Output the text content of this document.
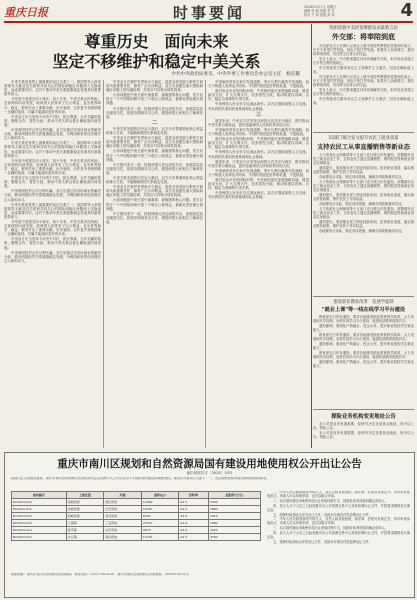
重庆日报	时事要闻	2018年4月1日 星期日
编辑 张 帆 美编 李 东
校对 王 鸣 组版 刘 青	4
尊重历史　面向未来
坚定不移维护和稳定中美关系
中共中央政治局委员、中央外事工作委员会办公室主任　杨洁篪

中美关系是世界上最重要的双边关系之一。我国领导人和美国领导人就双边关系和共同关心的国际和地区问题深入交换意见，达成重要共识。这对于推动中美关系健康稳定发展具有重要指导意义。

今年是中美建交四十周年。四十年来，中美关系历经风雨，总体保持向前发展，给两国人民带来了巨大利益，也为世界和平、稳定、繁荣作出了重要贡献。历史表明，合作是中美两国唯一正确的选择，共赢才能通向更好的未来。

中美双方应当坚持不冲突不对抗、相互尊重、合作共赢的原则，聚焦合作，管控分歧，推动中美关系沿着正确轨道向前发展。

中美两国经贸合作互利共赢。双方应通过对话协商妥善解决分歧，推动两国经贸关系健康稳定发展，为两国和世界经济增长注入新的动力。

中美关系是世界上最重要的双边关系之一。我国领导人和美国领导人就双边关系和共同关心的国际和地区问题深入交换意见，达成重要共识。这对于推动中美关系健康稳定发展具有重要指导意义。

今年是中美建交四十周年。四十年来，中美关系历经风雨，总体保持向前发展，给两国人民带来了巨大利益，也为世界和平、稳定、繁荣作出了重要贡献。历史表明，合作是中美两国唯一正确的选择，共赢才能通向更好的未来。

中美双方应当坚持不冲突不对抗、相互尊重、合作共赢的原则，聚焦合作，管控分歧，推动中美关系沿着正确轨道向前发展。

中美两国经贸合作互利共赢。双方应通过对话协商妥善解决分歧，推动两国经贸关系健康稳定发展，为两国和世界经济增长注入新的动力。

中美关系是世界上最重要的双边关系之一。我国领导人和美国领导人就双边关系和共同关心的国际和地区问题深入交换意见，达成重要共识。这对于推动中美关系健康稳定发展具有重要指导意义。

今年是中美建交四十周年。四十年来，中美关系历经风雨，总体保持向前发展，给两国人民带来了巨大利益，也为世界和平、稳定、繁荣作出了重要贡献。历史表明，合作是中美两国唯一正确的选择，共赢才能通向更好的未来。

中美双方应当坚持不冲突不对抗、相互尊重、合作共赢的原则，聚焦合作，管控分歧，推动中美关系沿着正确轨道向前发展。

中美两国经贸合作互利共赢。双方应通过对话协商妥善解决分歧，推动两国经贸关系健康稳定发展，为两国和世界经济增长注入新的动力。

中美双方在维护世界和平与稳定、促进全球发展与繁荣方面肩负着重要责任，拥有广泛共同利益。双方应加强在重大国际和地区问题上的沟通协调，共同应对各种全球性挑战。

台湾问题是中美关系中最重要、最敏感的核心问题。美方应恪守一个中国原则和中美三个联合公报规定，慎重妥善处理台湾问题。

中方愿同美方一道，按照两国元首达成的共识，加强高层及各级别交往，拓展各领域务实合作，增进两国人民相互了解和友谊。

二

中美关系发展的历史启示我们，双方只有尊重彼此核心利益和重大关切，才能确保两国关系稳定发展。

中美双方在维护世界和平与稳定、促进全球发展与繁荣方面肩负着重要责任，拥有广泛共同利益。双方应加强在重大国际和地区问题上的沟通协调，共同应对各种全球性挑战。

台湾问题是中美关系中最重要、最敏感的核心问题。美方应恪守一个中国原则和中美三个联合公报规定，慎重妥善处理台湾问题。

中方愿同美方一道，按照两国元首达成的共识，加强高层及各级别交往，拓展各领域务实合作，增进两国人民相互了解和友谊。

中美关系发展的历史启示我们，双方只有尊重彼此核心利益和重大关切，才能确保两国关系稳定发展。

中美双方在维护世界和平与稳定、促进全球发展与繁荣方面肩负着重要责任，拥有广泛共同利益。双方应加强在重大国际和地区问题上的沟通协调，共同应对各种全球性挑战。

台湾问题是中美关系中最重要、最敏感的核心问题。美方应恪守一个中国原则和中美三个联合公报规定，慎重妥善处理台湾问题。

中方愿同美方一道，按照两国元首达成的共识，加强高层及各级别交往，拓展各领域务实合作，增进两国人民相互了解和友谊。

中国始终坚持走和平发展道路，奉行互利共赢的开放战略，致力于构建人类命运共同体。中国的发展是世界的机遇，不是挑战。

面对复杂多变的国际形势，中美两国更应加强战略沟通，增进政治互信，扩大互利合作，妥善管控分歧，推动构建以协调、合作、稳定为基调的中美关系。

中美两国人民友好交往源远流长。双方应继续加强人文交流，夯实两国关系的民意基础和社会基础。

三

展望未来，中美双方应坚持以两国元首共识为指引，携手推动中美关系行稳致远，更好造福两国人民和世界各国人民。

中国始终坚持走和平发展道路，奉行互利共赢的开放战略，致力于构建人类命运共同体。中国的发展是世界的机遇，不是挑战。

面对复杂多变的国际形势，中美两国更应加强战略沟通，增进政治互信，扩大互利合作，妥善管控分歧，推动构建以协调、合作、稳定为基调的中美关系。

中美两国人民友好交往源远流长。双方应继续加强人文交流，夯实两国关系的民意基础和社会基础。

展望未来，中美双方应坚持以两国元首共识为指引，携手推动中美关系行稳致远，更好造福两国人民和世界各国人民。

中国始终坚持走和平发展道路，奉行互利共赢的开放战略，致力于构建人类命运共同体。中国的发展是世界的机遇，不是挑战。

面对复杂多变的国际形势，中美两国更应加强战略沟通，增进政治互信，扩大互利合作，妥善管控分歧，推动构建以协调、合作、稳定为基调的中美关系。

中美两国人民友好交往源远流长。双方应继续加强人文交流，夯实两国关系的民意基础和社会基础。

特朗普就中美经贸摩擦发表最新言论
外交部：将奉陪到底

外交部发言人在例行记者会上就中美经贸摩擦回答提问时表示，中方不希望打贸易战，但也不怕打贸易战。如果有人执意要打，我们将奉陪到底，坚决捍卫自身合法权益。

发言人表示，中方愿意通过对话协商解决分歧，但对话必须建立在平等互利的基础上。

中方敦促美方摒弃单边主义和保护主义做法，回到正确轨道上来。

外交部发言人在例行记者会上就中美经贸摩擦回答提问时表示，中方不希望打贸易战，但也不怕打贸易战。如果有人执意要打，我们将奉陪到底，坚决捍卫自身合法权益。

发言人表示，中方愿意通过对话协商解决分歧，但对话必须建立在平等互利的基础上。

中方敦促美方摒弃单边主义和保护主义做法，回到正确轨道上来。

15部门联合发文提升农民工就业质量
支持农民工从事直播销售等新业态

人力资源社会保障部等十五部门近日联合印发通知，部署做好农民工就业创业工作，支持农民工通过直播销售、网约配送等新就业形态实现就业。

通知提出，要加强农民工职业技能培训，拓宽就业渠道，落实就业帮扶政策，维护农民工劳动权益。

各地要结合实际，制定具体措施，确保各项政策落到实处。

人力资源社会保障部等十五部门近日联合印发通知，部署做好农民工就业创业工作，支持农民工通过直播销售、网约配送等新就业形态实现就业。

通知提出，要加强农民工职业技能培训，拓宽就业渠道，落实就业帮扶政策，维护农民工劳动权益。

各地要结合实际，制定具体措施，确保各项政策落到实处。

人力资源社会保障部等十五部门近日联合印发通知，部署做好农民工就业创业工作，支持农民工通过直播销售、网约配送等新就业形态实现就业。

通知提出，要加强农民工职业技能培训，拓宽就业渠道，落实就业帮扶政策，维护农民工劳动权益。

各地要结合实际，制定具体措施，确保各项政策落到实处。

推进职业教育改革　发展学徒制
"就业上课"等一线在线学习平台建设

教育部近日印发通知，要求各地推进职业教育教学改革，大力发展现代学徒制，加快在线学习平台建设，促进优质教育资源共享。

通知强调，要深化产教融合、校企合作，提升职业院校学生就业能力。

教育部近日印发通知，要求各地推进职业教育教学改革，大力发展现代学徒制，加快在线学习平台建设，促进优质教育资源共享。

通知强调，要深化产教融合、校企合作，提升职业院校学生就业能力。

教育部近日印发通知，要求各地推进职业教育教学改革，大力发展现代学徒制，加快在线学习平台建设，促进优质教育资源共享。

通知强调，要深化产教融合、校企合作，提升职业院校学生就业能力。

探险业务机构变更地址公告

本公司因业务发展需要，经研究决定变更营业地址，现予以公告。特此公告。

本公司因业务发展需要，经研究决定变更营业地址，现予以公告。特此公告。

重庆市南川区规划和自然资源局国有建设用地使用权公开出让公告
南川规资告字〔2020〕10号
经南川区人民政府批准，重庆市南川区规划和自然资源局决定以挂牌方式公开出让以下宗地的国有建设用地使用权。现将有关事项公告如下：一、出让地块的基本情况和规划指标要求。
地块编号	土地位置	用途	面积(㎡)	容积率	起始价(万元)
NC2020-010	南城街道	商住用地	12560	≤2.5	5430
NC2020-011	东城街道	住宅用地	18320	≤2.2	7860
NC2020-012	西城街道	商业用地	6450	≤3.0	2910
NC2020-013	大观镇	工业用地	25010	≥1.0	1680
NC2020-014	南平镇	住宅用地	9870	≤2.0	3520
NC2020-015	水江镇	商住用地	14230	≤2.5	4760

二、中华人民共和国境内外的法人、自然人和其他组织，除法律、法规另有规定外，均可申请参加竞买，申请人可以单独申请，也可以联合申请。

三、本次国有建设用地使用权出让采取挂牌方式，按照价高者得原则确定竞得人。

四、竞买人可于公告之日起到重庆市公共资源交易中心获取挂牌出让文件，并按要求缴纳竞买保证金。

五、挂牌时间及地点详见出让文件。其他未尽事宜详见挂牌出让文件。

二、中华人民共和国境内外的法人、自然人和其他组织，除法律、法规另有规定外，均可申请参加竞买，申请人可以单独申请，也可以联合申请。

三、本次国有建设用地使用权出让采取挂牌方式，按照价高者得原则确定竞得人。

四、竞买人可于公告之日起到重庆市公共资源交易中心获取挂牌出让文件，并按要求缴纳竞买保证金。

五、挂牌时间及地点详见出让文件。其他未尽事宜详见挂牌出让文件。

联系地址：重庆市南川区规划和自然资源局　联系电话：023-71421234　重庆市南川区规划和自然资源局　2020年3月31日
